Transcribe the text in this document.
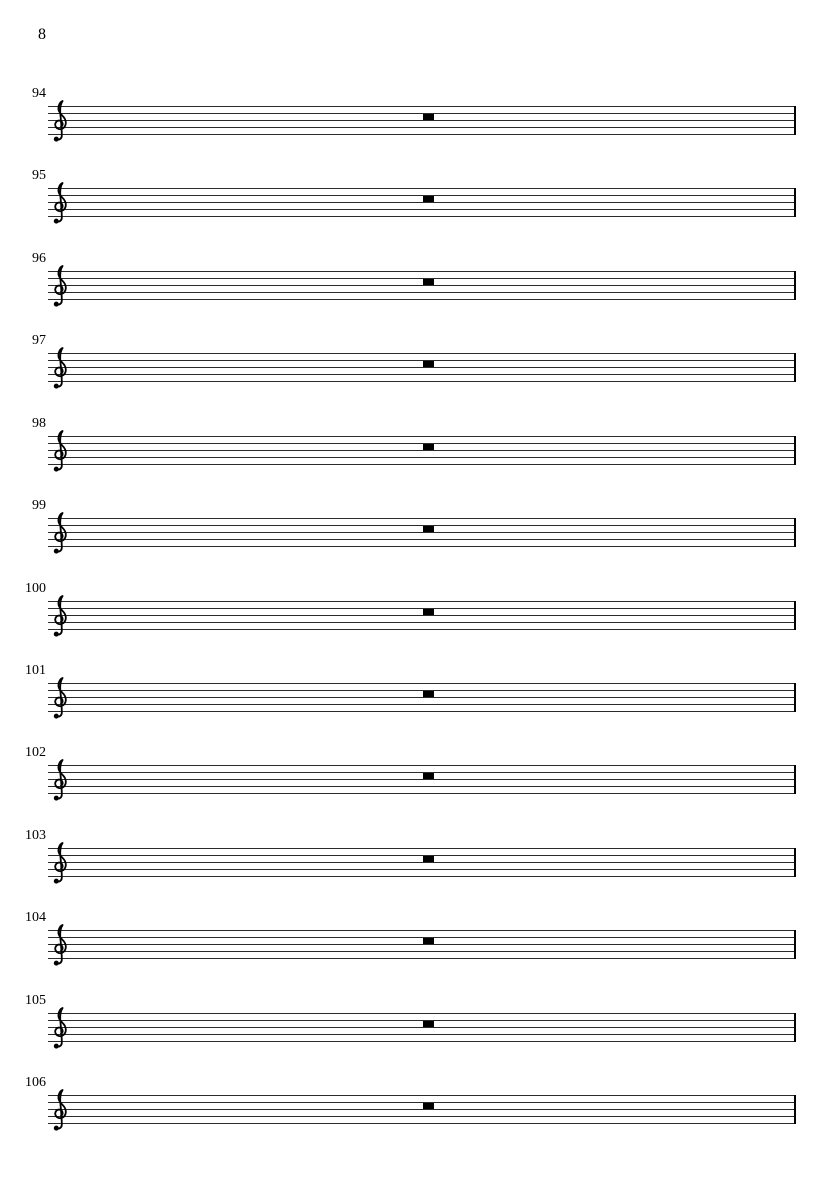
8
94
95
96
97
98
99
100
101
102
103
104
105
106
